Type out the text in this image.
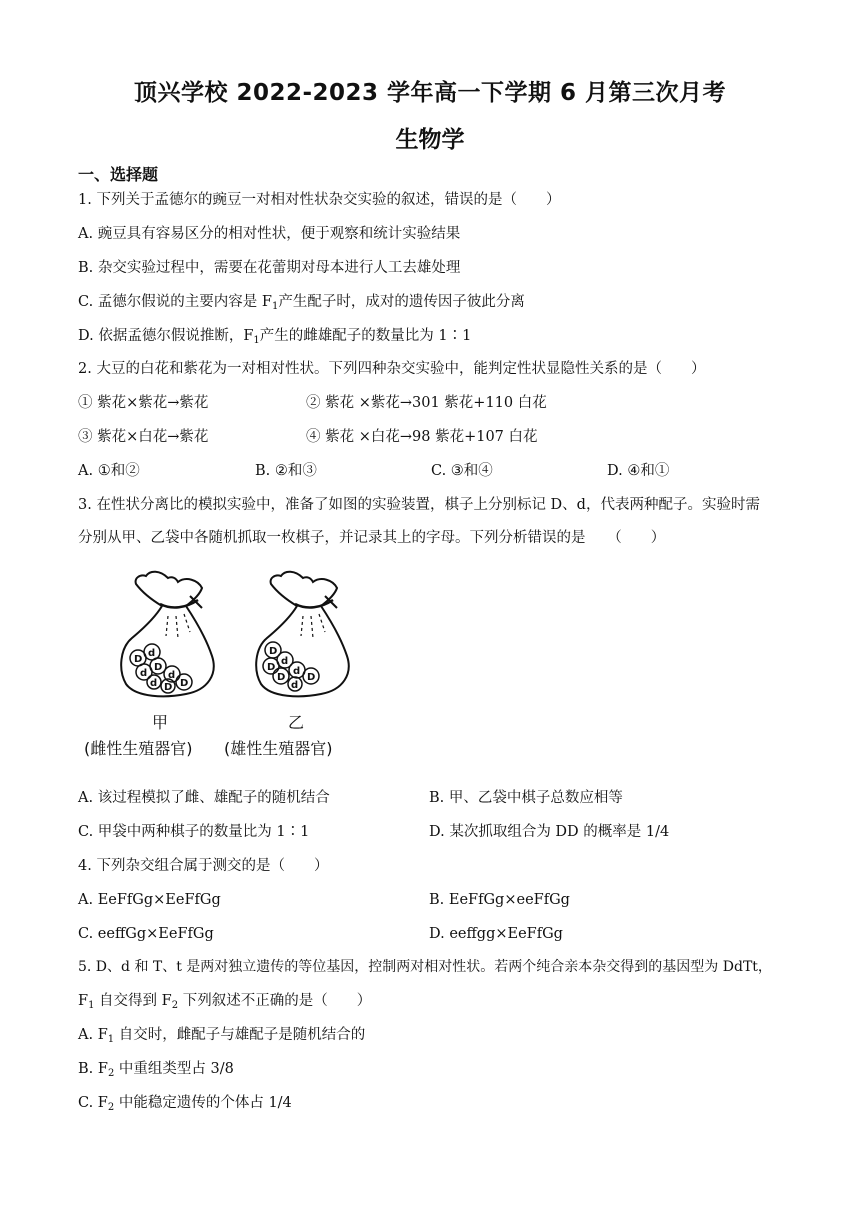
顶兴学校 2022-2023 学年高一下学期 6 月第三次月考
生物学
一、选择题
1. 下列关于孟德尔的豌豆一对相对性状杂交实验的叙述，错误的是（　　）
A. 豌豆具有容易区分的相对性状，便于观察和统计实验结果
B. 杂交实验过程中，需要在花蕾期对母本进行人工去雄处理
C. 孟德尔假说的主要内容是 $F_1$产生配子时，成对的遗传因子彼此分离
D. 依据孟德尔假说推断，$F_1$产生的雌雄配子的数量比为 1∶1
2. 大豆的白花和紫花为一对相对性状。下列四种杂交实验中，能判定性状显隐性关系的是（　　）
① 紫花×紫花→紫花	② 紫花 ×紫花→301 紫花+110 白花
③ 紫花×白花→紫花	④ 紫花 ×白花→98 紫花+107 白花
A. ①和②	B. ②和③	C. ③和④	D. ④和①
3. 在性状分离比的模拟实验中，准备了如图的实验装置，棋子上分别标记 D、d，代表两种配子。实验时需
分别从甲、乙袋中各随机抓取一枚棋子，并记录其上的字母。下列分析错误的是　　（　　）
D
d
d
D
d
d D
D
D
D
d
D
d
D
d
甲	乙
(雌性生殖器官) (雄性生殖器官)
A. 该过程模拟了雌、雄配子的随机结合	B. 甲、乙袋中棋子总数应相等
C. 甲袋中两种棋子的数量比为 1∶1	D. 某次抓取组合为 DD 的概率是 1/4
4. 下列杂交组合属于测交的是（　　）
A. EeFfGg×EeFfGg	B. EeFfGg×eeFfGg
C. eeffGg×EeFfGg	D. eeffgg×EeFfGg
5. D、d 和 T、t 是两对独立遗传的等位基因，控制两对相对性状。若两个纯合亲本杂交得到的基因型为 DdTt，
$F_1$ 自交得到 $F_2$ 下列叙述不正确的是（　　）
A. $F_1$ 自交时，雌配子与雄配子是随机结合的
B. $F_2$ 中重组类型占 3/8
C. $F_2$ 中能稳定遗传的个体占 1/4
